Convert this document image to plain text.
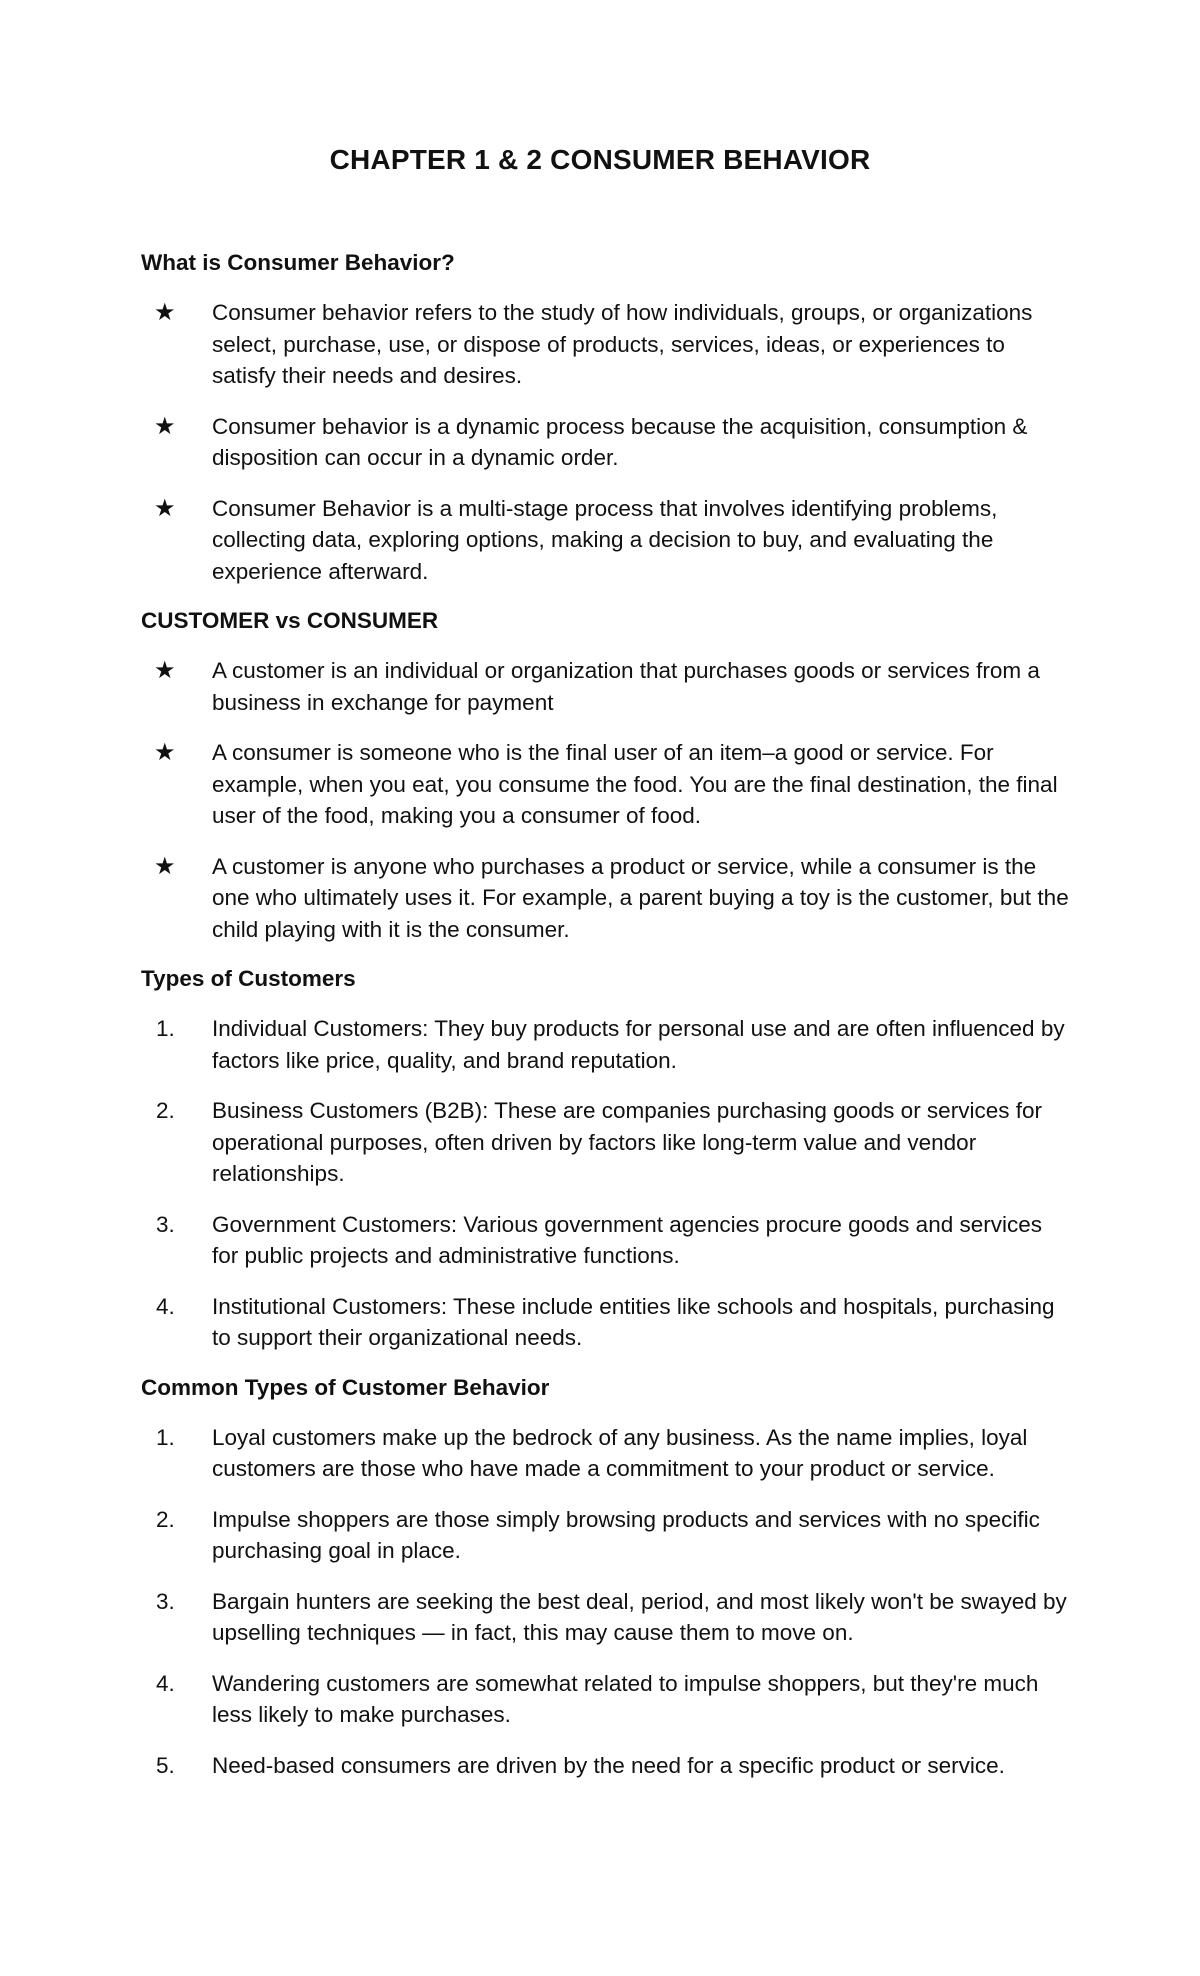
CHAPTER 1 & 2 CONSUMER BEHAVIOR
What is Consumer Behavior?
★	Consumer behavior refers to the study of how individuals, groups, or organizations select, purchase, use, or dispose of products, services, ideas, or experiences to satisfy their needs and desires.
★	Consumer behavior is a dynamic process because the acquisition, consumption & disposition can occur in a dynamic order.
★	Consumer Behavior is a multi-stage process that involves identifying problems, collecting data, exploring options, making a decision to buy, and evaluating the experience afterward.
CUSTOMER vs CONSUMER
★	A customer is an individual or organization that purchases goods or services from a business in exchange for payment
★	A consumer is someone who is the final user of an item–a good or service. For example, when you eat, you consume the food. You are the final destination, the final user of the food, making you a consumer of food.
★	A customer is anyone who purchases a product or service, while a consumer is the one who ultimately uses it. For example, a parent buying a toy is the customer, but the child playing with it is the consumer.
Types of Customers
1.	Individual Customers: They buy products for personal use and are often influenced by factors like price, quality, and brand reputation.
2.	Business Customers (B2B): These are companies purchasing goods or services for operational purposes, often driven by factors like long-term value and vendor relationships.
3.	Government Customers: Various government agencies procure goods and services for public projects and administrative functions.
4.	Institutional Customers: These include entities like schools and hospitals, purchasing to support their organizational needs.
Common Types of Customer Behavior
1.	Loyal customers make up the bedrock of any business. As the name implies, loyal customers are those who have made a commitment to your product or service.
2.	Impulse shoppers are those simply browsing products and services with no specific purchasing goal in place.
3.	Bargain hunters are seeking the best deal, period, and most likely won't be swayed by upselling techniques — in fact, this may cause them to move on.
4.	Wandering customers are somewhat related to impulse shoppers, but they're much less likely to make purchases.
5.	Need-based consumers are driven by the need for a specific product or service.
